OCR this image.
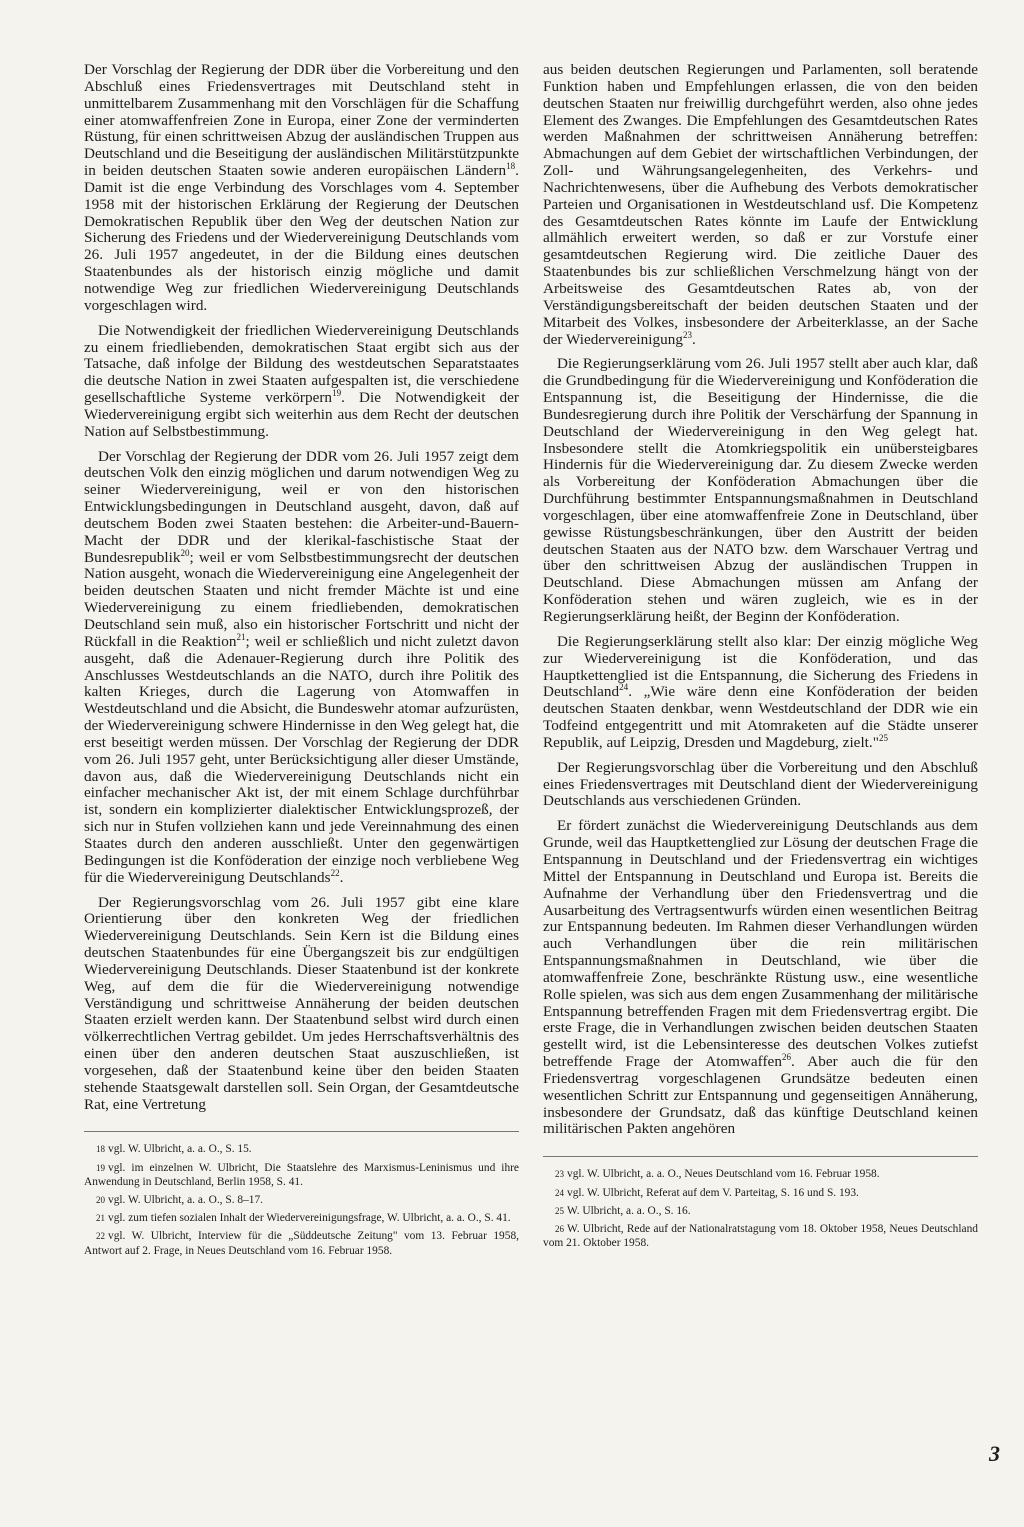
Der Vorschlag der Regierung der DDR über die Vorbereitung und den Abschluß eines Friedensvertrages mit Deutschland steht in unmittelbarem Zusammenhang mit den Vorschlägen für die Schaffung einer atomwaffenfreien Zone in Europa, einer Zone der verminderten Rüstung, für einen schrittweisen Abzug der ausländischen Truppen aus Deutschland und die Beseitigung der ausländischen Militärstützpunkte in beiden deutschen Staaten sowie anderen europäischen Ländern$^{18}$. Damit ist die enge Verbindung des Vorschlages vom 4. September 1958 mit der historischen Erklärung der Regierung der Deutschen Demokratischen Republik über den Weg der deutschen Nation zur Sicherung des Friedens und der Wiedervereinigung Deutschlands vom 26. Juli 1957 angedeutet, in der die Bildung eines deutschen Staatenbundes als der historisch einzig mögliche und damit notwendige Weg zur friedlichen Wiedervereinigung Deutschlands vorgeschlagen wird.

Die Notwendigkeit der friedlichen Wiedervereinigung Deutschlands zu einem friedliebenden, demokratischen Staat ergibt sich aus der Tatsache, daß infolge der Bildung des westdeutschen Separatstaates die deutsche Nation in zwei Staaten aufgespalten ist, die verschiedene gesellschaftliche Systeme verkörpern$^{19}$. Die Notwendigkeit der Wiedervereinigung ergibt sich weiterhin aus dem Recht der deutschen Nation auf Selbstbestimmung.

Der Vorschlag der Regierung der DDR vom 26. Juli 1957 zeigt dem deutschen Volk den einzig möglichen und darum notwendigen Weg zu seiner Wiedervereinigung, weil er von den historischen Entwicklungsbedingungen in Deutschland ausgeht, davon, daß auf deutschem Boden zwei Staaten bestehen: die Arbeiter-und-Bauern-Macht der DDR und der klerikal-faschistische Staat der Bundesrepublik$^{20}$; weil er vom Selbstbestimmungsrecht der deutschen Nation ausgeht, wonach die Wiedervereinigung eine Angelegenheit der beiden deutschen Staaten und nicht fremder Mächte ist und eine Wiedervereinigung zu einem friedliebenden, demokratischen Deutschland sein muß, also ein historischer Fortschritt und nicht der Rückfall in die Reaktion$^{21}$; weil er schließlich und nicht zuletzt davon ausgeht, daß die Adenauer-Regierung durch ihre Politik des Anschlusses Westdeutschlands an die NATO, durch ihre Politik des kalten Krieges, durch die Lagerung von Atomwaffen in Westdeutschland und die Absicht, die Bundeswehr atomar aufzurüsten, der Wiedervereinigung schwere Hindernisse in den Weg gelegt hat, die erst beseitigt werden müssen. Der Vorschlag der Regierung der DDR vom 26. Juli 1957 geht, unter Berücksichtigung aller dieser Umstände, davon aus, daß die Wiedervereinigung Deutschlands nicht ein einfacher mechanischer Akt ist, der mit einem Schlage durchführbar ist, sondern ein komplizierter dialektischer Entwicklungsprozeß, der sich nur in Stufen vollziehen kann und jede Vereinnahmung des einen Staates durch den anderen ausschließt. Unter den gegenwärtigen Bedingungen ist die Konföderation der einzige noch verbliebene Weg für die Wiedervereinigung Deutschlands$^{22}$.

Der Regierungsvorschlag vom 26. Juli 1957 gibt eine klare Orientierung über den konkreten Weg der friedlichen Wiedervereinigung Deutschlands. Sein Kern ist die Bildung eines deutschen Staatenbundes für eine Übergangszeit bis zur endgültigen Wiedervereinigung Deutschlands. Dieser Staatenbund ist der konkrete Weg, auf dem die für die Wiedervereinigung notwendige Verständigung und schrittweise Annäherung der beiden deutschen Staaten erzielt werden kann. Der Staatenbund selbst wird durch einen völkerrechtlichen Vertrag gebildet. Um jedes Herrschaftsverhältnis des einen über den anderen deutschen Staat auszuschließen, ist vorgesehen, daß der Staatenbund keine über den beiden Staaten stehende Staatsgewalt darstellen soll. Sein Organ, der Gesamtdeutsche Rat, eine Vertretung

18 vgl. W. Ulbricht, a. a. O., S. 15.
19 vgl. im einzelnen W. Ulbricht, Die Staatslehre des Marxismus-Leninismus und ihre Anwendung in Deutschland, Berlin 1958, S. 41.
20 vgl. W. Ulbricht, a. a. O., S. 8–17.
21 vgl. zum tiefen sozialen Inhalt der Wiedervereinigungsfrage, W. Ulbricht, a. a. O., S. 41.
22 vgl. W. Ulbricht, Interview für die „Süddeutsche Zeitung" vom 13. Februar 1958, Antwort auf 2. Frage, in Neues Deutschland vom 16. Februar 1958.

aus beiden deutschen Regierungen und Parlamenten, soll beratende Funktion haben und Empfehlungen erlassen, die von den beiden deutschen Staaten nur freiwillig durchgeführt werden, also ohne jedes Element des Zwanges. Die Empfehlungen des Gesamtdeutschen Rates werden Maßnahmen der schrittweisen Annäherung betreffen: Abmachungen auf dem Gebiet der wirtschaftlichen Verbindungen, der Zoll- und Währungsangelegenheiten, des Verkehrs- und Nachrichtenwesens, über die Aufhebung des Verbots demokratischer Parteien und Organisationen in Westdeutschland usf. Die Kompetenz des Gesamtdeutschen Rates könnte im Laufe der Entwicklung allmählich erweitert werden, so daß er zur Vorstufe einer gesamtdeutschen Regierung wird. Die zeitliche Dauer des Staatenbundes bis zur schließlichen Verschmelzung hängt von der Arbeitsweise des Gesamtdeutschen Rates ab, von der Verständigungsbereitschaft der beiden deutschen Staaten und der Mitarbeit des Volkes, insbesondere der Arbeiterklasse, an der Sache der Wiedervereinigung$^{23}$.

Die Regierungserklärung vom 26. Juli 1957 stellt aber auch klar, daß die Grundbedingung für die Wiedervereinigung und Konföderation die Entspannung ist, die Beseitigung der Hindernisse, die die Bundesregierung durch ihre Politik der Verschärfung der Spannung in Deutschland der Wiedervereinigung in den Weg gelegt hat. Insbesondere stellt die Atomkriegspolitik ein unübersteigbares Hindernis für die Wiedervereinigung dar. Zu diesem Zwecke werden als Vorbereitung der Konföderation Abmachungen über die Durchführung bestimmter Entspannungsmaßnahmen in Deutschland vorgeschlagen, über eine atomwaffenfreie Zone in Deutschland, über gewisse Rüstungsbeschränkungen, über den Austritt der beiden deutschen Staaten aus der NATO bzw. dem Warschauer Vertrag und über den schrittweisen Abzug der ausländischen Truppen in Deutschland. Diese Abmachungen müssen am Anfang der Konföderation stehen und wären zugleich, wie es in der Regierungserklärung heißt, der Beginn der Konföderation.

Die Regierungserklärung stellt also klar: Der einzig mögliche Weg zur Wiedervereinigung ist die Konföderation, und das Hauptkettenglied ist die Entspannung, die Sicherung des Friedens in Deutschland$^{24}$. „Wie wäre denn eine Konföderation der beiden deutschen Staaten denkbar, wenn Westdeutschland der DDR wie ein Todfeind entgegentritt und mit Atomraketen auf die Städte unserer Republik, auf Leipzig, Dresden und Magdeburg, zielt."$^{25}$

Der Regierungsvorschlag über die Vorbereitung und den Abschluß eines Friedensvertrages mit Deutschland dient der Wiedervereinigung Deutschlands aus verschiedenen Gründen.

Er fördert zunächst die Wiedervereinigung Deutschlands aus dem Grunde, weil das Hauptkettenglied zur Lösung der deutschen Frage die Entspannung in Deutschland und der Friedensvertrag ein wichtiges Mittel der Entspannung in Deutschland und Europa ist. Bereits die Aufnahme der Verhandlung über den Friedensvertrag und die Ausarbeitung des Vertragsentwurfs würden einen wesentlichen Beitrag zur Entspannung bedeuten. Im Rahmen dieser Verhandlungen würden auch Verhandlungen über die rein militärischen Entspannungsmaßnahmen in Deutschland, wie über die atomwaffenfreie Zone, beschränkte Rüstung usw., eine wesentliche Rolle spielen, was sich aus dem engen Zusammenhang der militärische Entspannung betreffenden Fragen mit dem Friedensvertrag ergibt. Die erste Frage, die in Verhandlungen zwischen beiden deutschen Staaten gestellt wird, ist die Lebensinteresse des deutschen Volkes zutiefst betreffende Frage der Atomwaffen$^{26}$. Aber auch die für den Friedensvertrag vorgeschlagenen Grundsätze bedeuten einen wesentlichen Schritt zur Entspannung und gegenseitigen Annäherung, insbesondere der Grundsatz, daß das künftige Deutschland keinen militärischen Pakten angehören

23 vgl. W. Ulbricht, a. a. O., Neues Deutschland vom 16. Februar 1958.
24 vgl. W. Ulbricht, Referat auf dem V. Parteitag, S. 16 und S. 193.
25 W. Ulbricht, a. a. O., S. 16.
26 W. Ulbricht, Rede auf der Nationalratstagung vom 18. Oktober 1958, Neues Deutschland vom 21. Oktober 1958.
3
